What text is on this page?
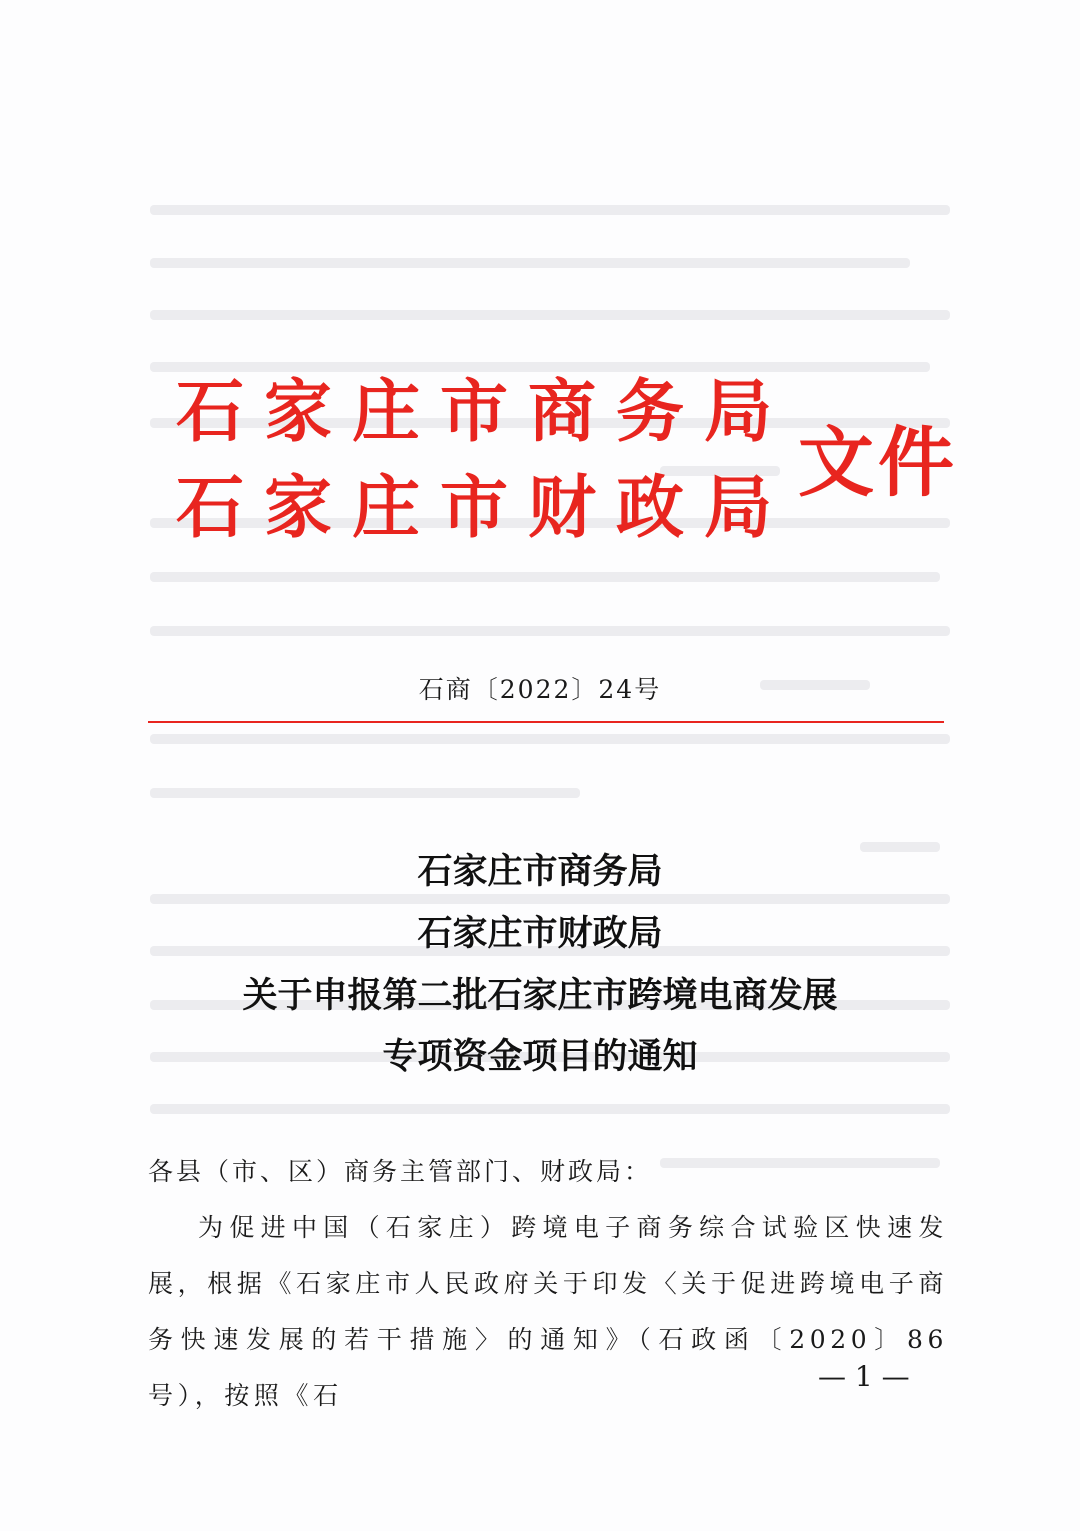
石家庄市商务局
石家庄市财政局
文件
石商〔2022〕24号
石家庄市商务局
石家庄市财政局
关于申报第二批石家庄市跨境电商发展
专项资金项目的通知
各县（市、区）商务主管部门、财政局：
为促进中国（石家庄）跨境电子商务综合试验区快速发展，根据《石家庄市人民政府关于印发〈关于促进跨境电子商务快速发展的若干措施〉的通知》（石政函〔2020〕86号），按照《石
— 1 —
